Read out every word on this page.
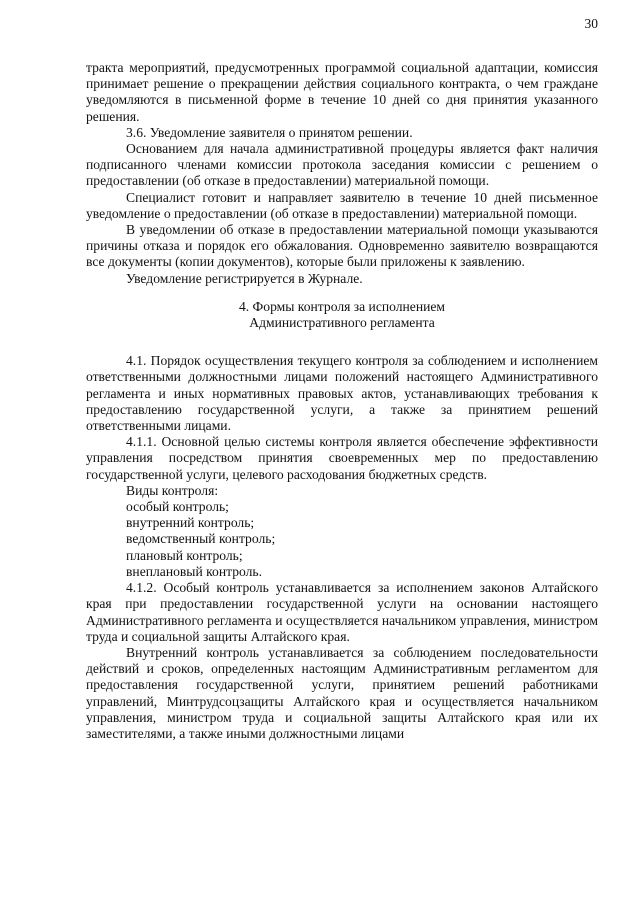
30

тракта мероприятий, предусмотренных программой социальной адаптации, комиссия принимает решение о прекращении действия социального контракта, о чем граждане уведомляются в письменной форме в течение 10 дней со дня принятия указанного решения.

3.6. Уведомление заявителя о принятом решении.

Основанием для начала административной процедуры является факт наличия подписанного членами комиссии протокола заседания комиссии с решением о предоставлении (об отказе в предоставлении) материальной помощи.

Специалист готовит и направляет заявителю в течение 10 дней письменное уведомление о предоставлении (об отказе в предоставлении) материальной помощи.

В уведомлении об отказе в предоставлении материальной помощи указываются причины отказа и порядок его обжалования. Одновременно заявителю возвращаются все документы (копии документов), которые были приложены к заявлению.

Уведомление регистрируется в Журнале.

4. Формы контроля за исполнением
Административного регламента

4.1. Порядок осуществления текущего контроля за соблюдением и исполнением ответственными должностными лицами положений настоящего Административного регламента и иных нормативных правовых актов, устанавливающих требования к предоставлению государственной услуги, а также за принятием решений ответственными лицами.

4.1.1. Основной целью системы контроля является обеспечение эффективности управления посредством принятия своевременных мер по предоставлению государственной услуги, целевого расходования бюджетных средств.

Виды контроля:

особый контроль;

внутренний контроль;

ведомственный контроль;

плановый контроль;

внеплановый контроль.

4.1.2. Особый контроль устанавливается за исполнением законов Алтайского края при предоставлении государственной услуги на основании настоящего Административного регламента и осуществляется начальником управления, министром труда и социальной защиты Алтайского края.

Внутренний контроль устанавливается за соблюдением последовательности действий и сроков, определенных настоящим Административным регламентом для предоставления государственной услуги, принятием решений работниками управлений, Минтрудсоцзащиты Алтайского края и осуществляется начальником управления, министром труда и социальной защиты Алтайского края или их заместителями, а также иными должностными лицами
